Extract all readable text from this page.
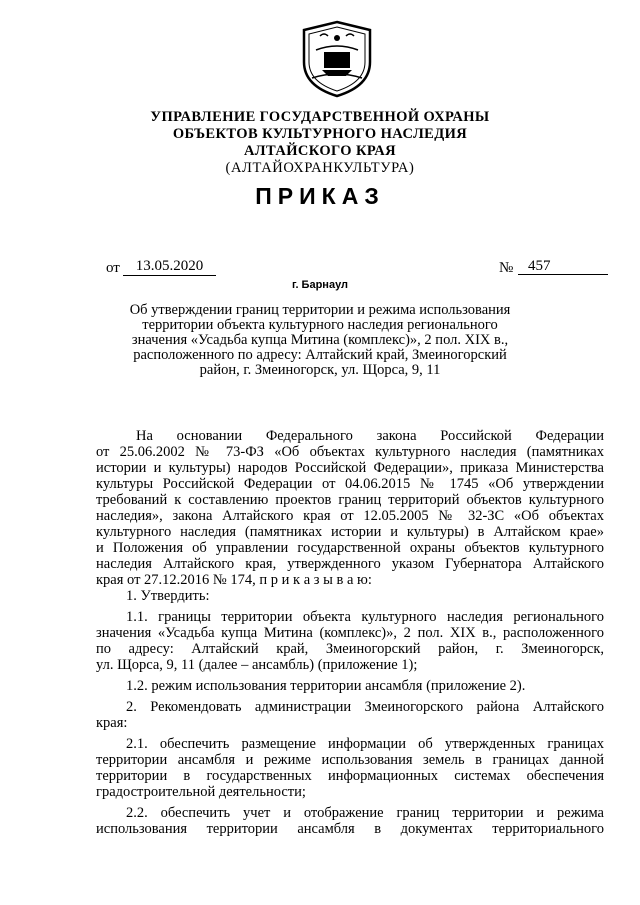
УПРАВЛЕНИЕ ГОСУДАРСТВЕННОЙ ОХРАНЫ
ОБЪЕКТОВ КУЛЬТУРНОГО НАСЛЕДИЯ
АЛТАЙСКОГО КРАЯ
(АЛТАЙОХРАНКУЛЬТУРА)
ПРИКАЗ
от	13.05.2020	№ 457
г. Барнаул
Об утверждении границ территории и режима использования
территории объекта культурного наследия регионального
значения «Усадьба купца Митина (комплекс)», 2 пол. XIX в.,
расположенного по адресу: Алтайский край, Змеиногорский
район, г. Змеиногорск, ул. Щорса, 9, 11
На основании Федерального закона Российской Федерации
от 25.06.2002 № 73-ФЗ «Об объектах культурного наследия (памятниках
истории и культуры) народов Российской Федерации», приказа Министерства
культуры Российской Федерации от 04.06.2015 № 1745 «Об утверждении
требований к составлению проектов границ территорий объектов культурного
наследия», закона Алтайского края от 12.05.2005 № 32-ЗС «Об объектах
культурного наследия (памятниках истории и культуры) в Алтайском крае»
и Положения об управлении государственной охраны объектов культурного
наследия Алтайского края, утвержденного указом Губернатора Алтайского
края от 27.12.2016 № 174, п р и к а з ы в а ю:
1. Утвердить:
1.1. границы территории объекта культурного наследия регионального
значения «Усадьба купца Митина (комплекс)», 2 пол. XIX в., расположенного
по адресу: Алтайский край, Змеиногорский район, г. Змеиногорск,
ул. Щорса, 9, 11 (далее – ансамбль) (приложение 1);
1.2. режим использования территории ансамбля (приложение 2).
2. Рекомендовать администрации Змеиногорского района Алтайского
края:
2.1. обеспечить размещение информации об утвержденных границах
территории ансамбля и режиме использования земель в границах данной
территории в государственных информационных системах обеспечения
градостроительной деятельности;
2.2. обеспечить учет и отображение границ территории и режима
использования территории ансамбля в документах территориального
